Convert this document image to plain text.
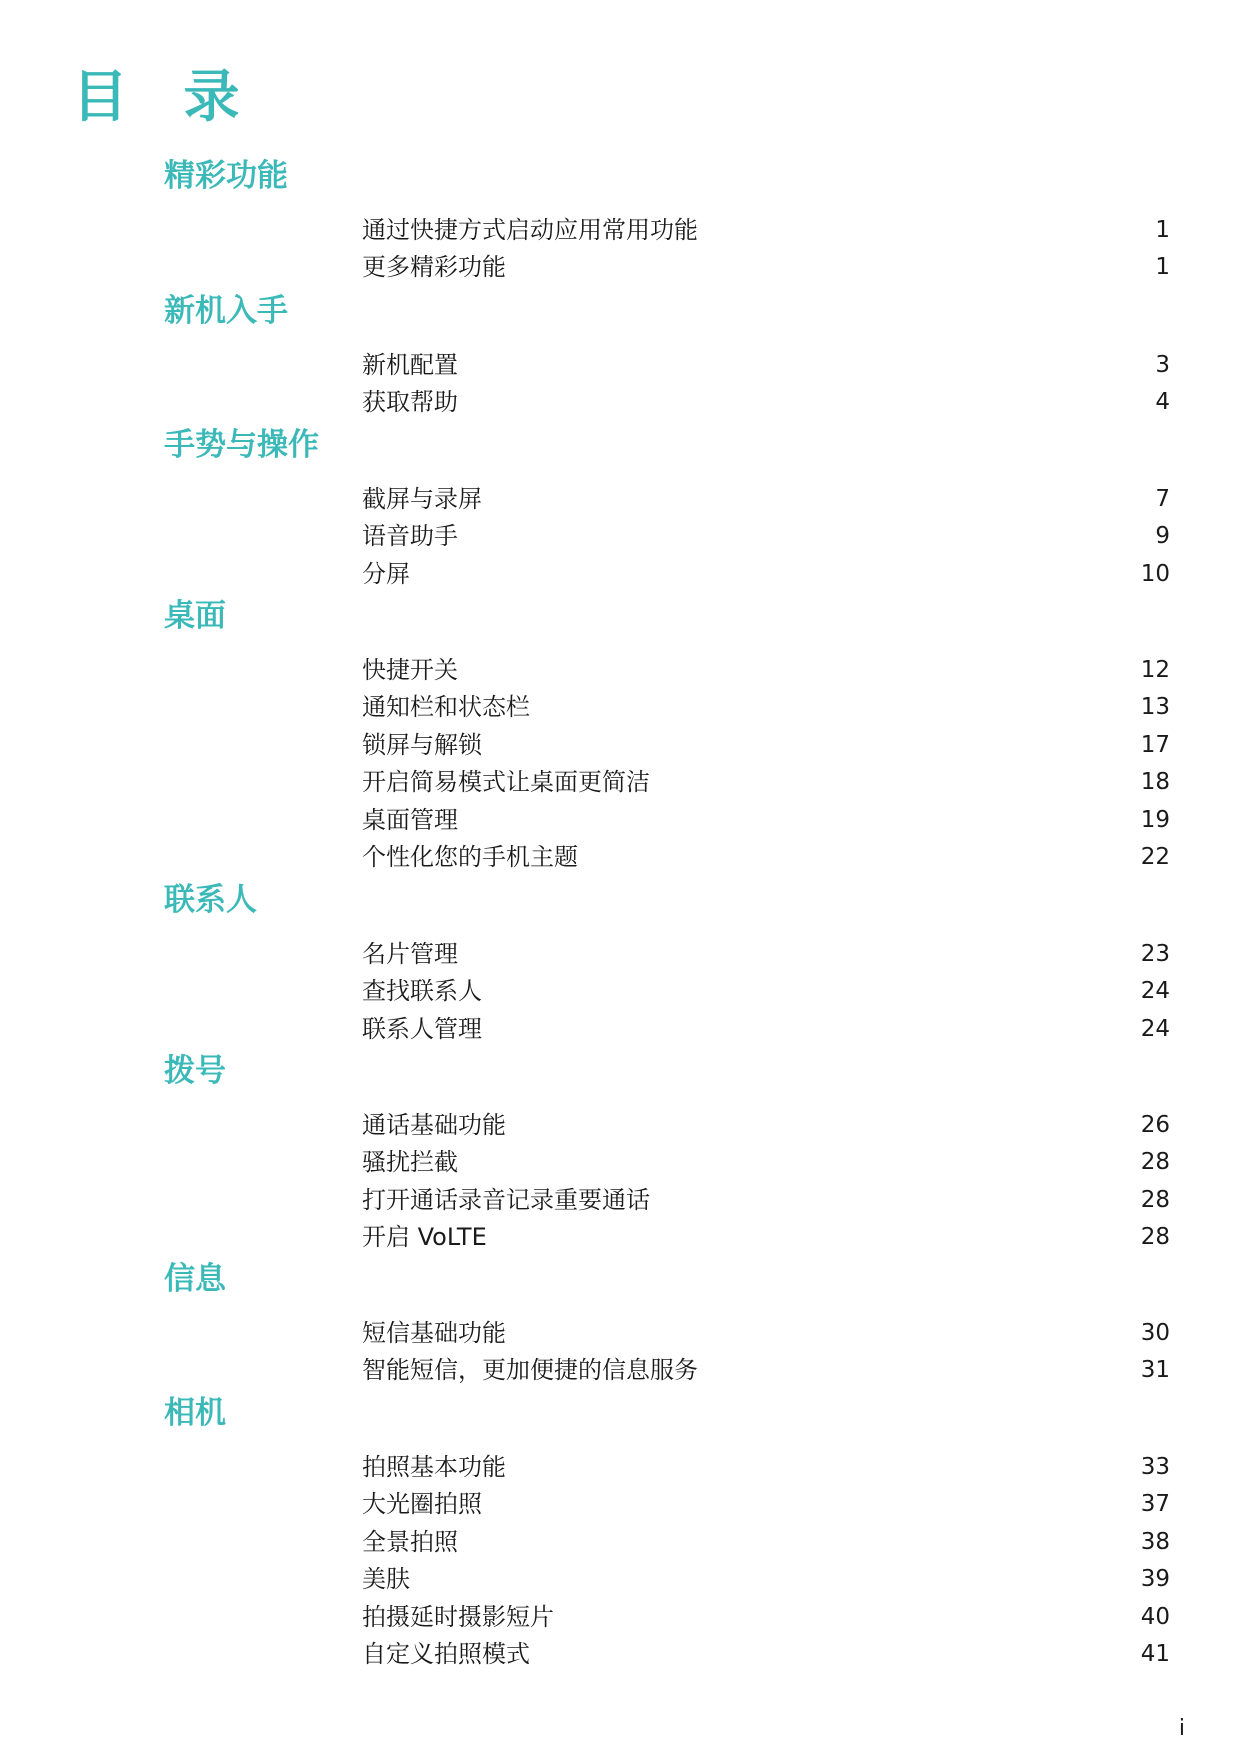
目 录
精彩功能
通过快捷方式启动应用常用功能	1
更多精彩功能	1
新机入手
新机配置	3
获取帮助	4
手势与操作
截屏与录屏	7
语音助手	9
分屏	10
桌面
快捷开关	12
通知栏和状态栏	13
锁屏与解锁	17
开启简易模式让桌面更简洁	18
桌面管理	19
个性化您的手机主题	22
联系人
名片管理	23
查找联系人	24
联系人管理	24
拨号
通话基础功能	26
骚扰拦截	28
打开通话录音记录重要通话	28
开启 VoLTE	28
信息
短信基础功能	30
智能短信，更加便捷的信息服务	31
相机
拍照基本功能	33
大光圈拍照	37
全景拍照	38
美肤	39
拍摄延时摄影短片	40
自定义拍照模式	41
i
